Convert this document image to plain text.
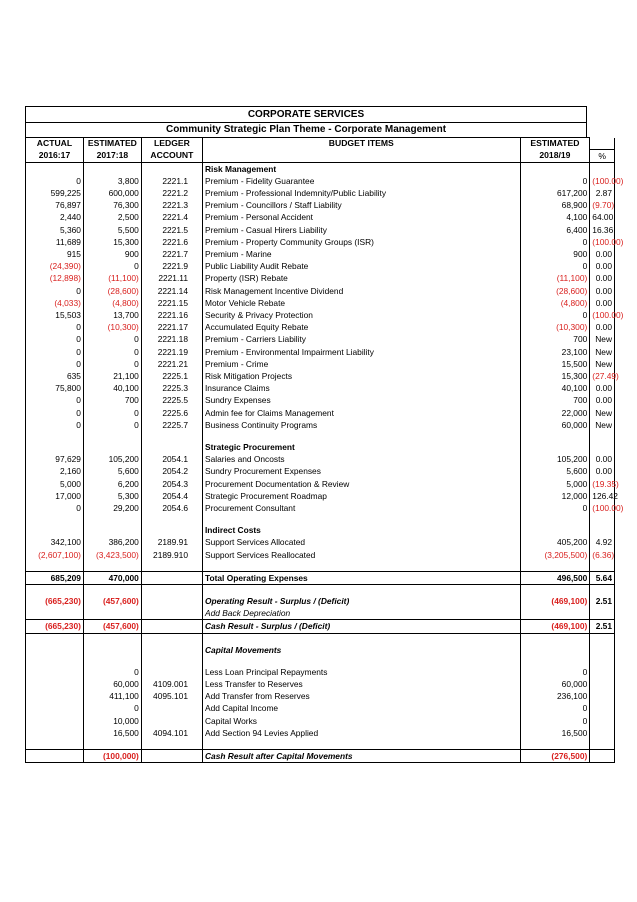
CORPORATE SERVICES
Community Strategic Plan Theme - Corporate Management
ACTUAL	ESTIMATED	LEDGER	BUDGET ITEMS	ESTIMATED	
2016:17	2017:18	ACCOUNT		2018/19	%
			Risk Management		
0	3,800	2221.1	Premium - Fidelity Guarantee	0	(100.00)
599,225	600,000	2221.2	Premium - Professional Indemnity/Public Liability	617,200	2.87
76,897	76,300	2221.3	Premium - Councillors / Staff Liability	68,900	(9.70)
2,440	2,500	2221.4	Premium - Personal Accident	4,100	64.00
5,360	5,500	2221.5	Premium - Casual Hirers Liability	6,400	16.36
11,689	15,300	2221.6	Premium - Property Community Groups (ISR)	0	(100.00)
915	900	2221.7	Premium - Marine	900	0.00
(24,390)	0	2221.9	Public Liability Audit Rebate	0	0.00
(12,898)	(11,100)	2221.11	Property (ISR) Rebate	(11,100)	0.00
0	(28,600)	2221.14	Risk Management Incentive Dividend	(28,600)	0.00
(4,033)	(4,800)	2221.15	Motor Vehicle Rebate	(4,800)	0.00
15,503	13,700	2221.16	Security & Privacy Protection	0	(100.00)
0	(10,300)	2221.17	Accumulated Equity Rebate	(10,300)	0.00
0	0	2221.18	Premium - Carriers Liability	700	New
0	0	2221.19	Premium - Environmental Impairment Liability	23,100	New
0	0	2221.21	Premium - Crime	15,500	New
635	21,100	2225.1	Risk Mitigation Projects	15,300	(27.49)
75,800	40,100	2225.3	Insurance Claims	40,100	0.00
0	700	2225.5	Sundry Expenses	700	0.00
0	0	2225.6	Admin fee for Claims Management	22,000	New
0	0	2225.7	Business Continuity Programs	60,000	New

			Strategic Procurement		
97,629	105,200	2054.1	Salaries and Oncosts	105,200	0.00
2,160	5,600	2054.2	Sundry Procurement Expenses	5,600	0.00
5,000	6,200	2054.3	Procurement Documentation & Review	5,000	(19.35)
17,000	5,300	2054.4	Strategic Procurement Roadmap	12,000	126.42
0	29,200	2054.6	Procurement Consultant	0	(100.00)

			Indirect Costs		
342,100	386,200	2189.91	Support Services Allocated	405,200	4.92
(2,607,100)	(3,423,500)	2189.910	Support Services Reallocated	(3,205,500)	(6.36)

685,209	470,000		Total Operating Expenses	496,500	5.64

(665,230)	(457,600)		Operating Result - Surplus / (Deficit)	(469,100)	2.51
			Add Back Depreciation		
(665,230)	(457,600)		Cash Result - Surplus / (Deficit)	(469,100)	2.51

			Capital Movements		

	0		Less Loan Principal Repayments	0	
	60,000	4109.001	Less Transfer to Reserves	60,000	
	411,100	4095.101	Add Transfer from Reserves	236,100	
	0		Add Capital Income	0	
	10,000		Capital Works	0	
	16,500	4094.101	Add Section 94 Levies Applied	16,500	

	(100,000)		Cash Result after Capital Movements	(276,500)	
